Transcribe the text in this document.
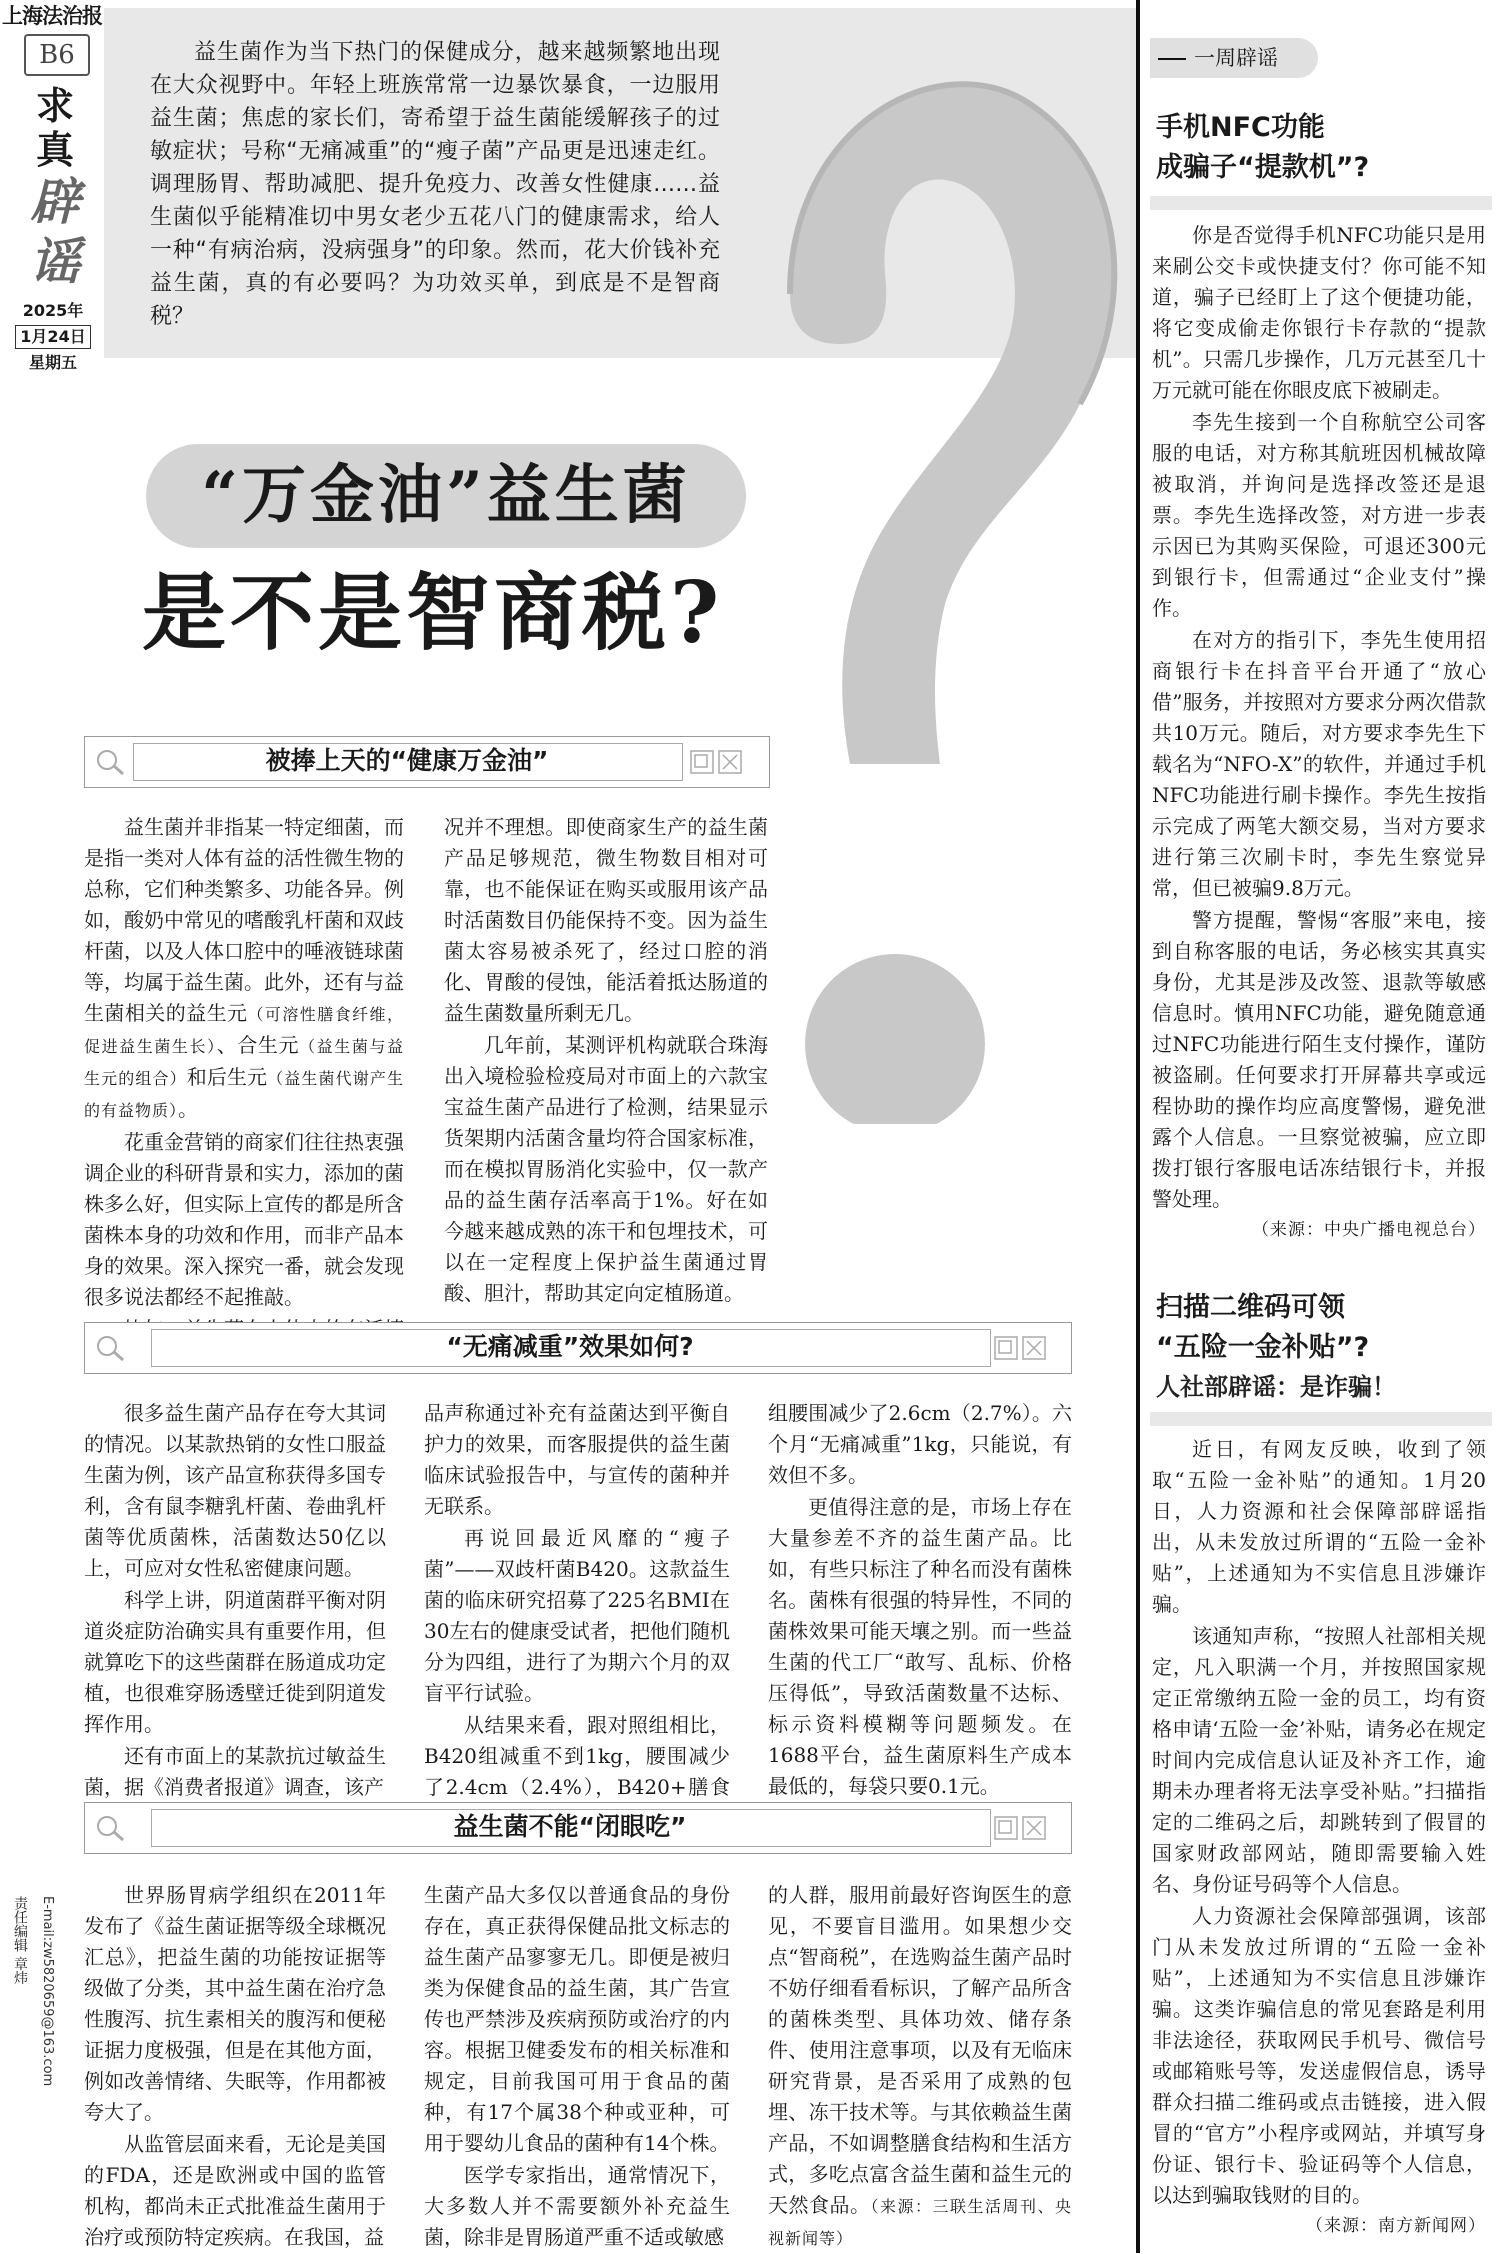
上海法治报
B6
求真
辟谣
2025年
1月24日
星期五
责任编辑 章炜 E-mail:zw5820659@163.com
益生菌作为当下热门的保健成分，越来越频繁地出现在大众视野中。年轻上班族常常一边暴饮暴食，一边服用益生菌；焦虑的家长们，寄希望于益生菌能缓解孩子的过敏症状；号称“无痛减重”的“瘦子菌”产品更是迅速走红。调理肠胃、帮助减肥、提升免疫力、改善女性健康……益生菌似乎能精准切中男女老少五花八门的健康需求，给人一种“有病治病，没病强身”的印象。然而，花大价钱补充益生菌，真的有必要吗？为功效买单，到底是不是智商税？
“万金油”益生菌
是不是智商税?
被捧上天的“健康万金油”

益生菌并非指某一特定细菌，而是指一类对人体有益的活性微生物的总称，它们种类繁多、功能各异。例如，酸奶中常见的嗜酸乳杆菌和双歧杆菌，以及人体口腔中的唾液链球菌等，均属于益生菌。此外，还有与益生菌相关的益生元（可溶性膳食纤维，促进益生菌生长）、合生元（益生菌与益生元的组合）和后生元（益生菌代谢产生的有益物质）。

花重金营销的商家们往往热衷强调企业的科研背景和实力，添加的菌株多么好，但实际上宣传的都是所含菌株本身的功效和作用，而非产品本身的效果。深入探究一番，就会发现很多说法都经不起推敲。

况并不理想。即使商家生产的益生菌产品足够规范，微生物数目相对可靠，也不能保证在购买或服用该产品时活菌数目仍能保持不变。因为益生菌太容易被杀死了，经过口腔的消化、胃酸的侵蚀，能活着抵达肠道的益生菌数量所剩无几。

几年前，某测评机构就联合珠海出入境检验检疫局对市面上的六款宝宝益生菌产品进行了检测，结果显示货架期内活菌含量均符合国家标准，而在模拟胃肠消化实验中，仅一款产品的益生菌存活率高于1%。好在如今越来越成熟的冻干和包埋技术，可以在一定程度上保护益生菌通过胃酸、胆汁，帮助其定向定植肠道。

“无痛减重”效果如何?

很多益生菌产品存在夸大其词的情况。以某款热销的女性口服益生菌为例，该产品宣称获得多国专利，含有鼠李糖乳杆菌、卷曲乳杆菌等优质菌株，活菌数达50亿以上，可应对女性私密健康问题。

科学上讲，阴道菌群平衡对阴道炎症防治确实具有重要作用，但就算吃下的这些菌群在肠道成功定植，也很难穿肠透壁迁徙到阴道发挥作用。

还有市面上的某款抗过敏益生菌，据《消费者报道》调查，该产

品声称通过补充有益菌达到平衡自护力的效果，而客服提供的益生菌临床试验报告中，与宣传的菌种并无联系。

再说回最近风靡的“瘦子菌”——双歧杆菌B420。这款益生菌的临床研究招募了225名BMI在30左右的健康受试者，把他们随机分为四组，进行了为期六个月的双盲平行试验。

从结果来看，跟对照组相比，B420组减重不到1kg，腰围减少了2.4cm（2.4%），B420+膳食

组腰围减少了2.6cm（2.7%）。六个月“无痛减重”1kg，只能说，有效但不多。

更值得注意的是，市场上存在大量参差不齐的益生菌产品。比如，有些只标注了种名而没有菌株名。菌株有很强的特异性，不同的菌株效果可能天壤之别。而一些益生菌的代工厂“敢写、乱标、价格压得低”，导致活菌数量不达标、标示资料模糊等问题频发。在1688平台，益生菌原料生产成本最低的，每袋只要0.1元。

益生菌不能“闭眼吃”

世界肠胃病学组织在2011年发布了《益生菌证据等级全球概况汇总》，把益生菌的功能按证据等级做了分类，其中益生菌在治疗急性腹泻、抗生素相关的腹泻和便秘证据力度极强，但是在其他方面，例如改善情绪、失眠等，作用都被夸大了。

从监管层面来看，无论是美国的FDA，还是欧洲或中国的监管机构，都尚未正式批准益生菌用于治疗或预防特定疾病。在我国，益

生菌产品大多仅以普通食品的身份存在，真正获得保健品批文标志的益生菌产品寥寥无几。即便是被归类为保健食品的益生菌，其广告宣传也严禁涉及疾病预防或治疗的内容。根据卫健委发布的相关标准和规定，目前我国可用于食品的菌种，有17个属38个种或亚种，可用于婴幼儿食品的菌种有14个株。

医学专家指出，通常情况下，大多数人并不需要额外补充益生菌，除非是胃肠道严重不适或敏感

的人群，服用前最好咨询医生的意见，不要盲目滥用。如果想少交点“智商税”，在选购益生菌产品时不妨仔细看看标识，了解产品所含的菌株类型、具体功效、储存条件、使用注意事项，以及有无临床研究背景，是否采用了成熟的包埋、冻干技术等。与其依赖益生菌产品，不如调整膳食结构和生活方式，多吃点富含益生菌和益生元的天然食品。（来源：三联生活周刊、央视新闻等）

一周辟谣
手机NFC功能
成骗子“提款机”?

你是否觉得手机NFC功能只是用来刷公交卡或快捷支付？你可能不知道，骗子已经盯上了这个便捷功能，将它变成偷走你银行卡存款的“提款机”。只需几步操作，几万元甚至几十万元就可能在你眼皮底下被刷走。

李先生接到一个自称航空公司客服的电话，对方称其航班因机械故障被取消，并询问是选择改签还是退票。李先生选择改签，对方进一步表示因已为其购买保险，可退还300元到银行卡，但需通过“企业支付”操作。

在对方的指引下，李先生使用招商银行卡在抖音平台开通了“放心借”服务，并按照对方要求分两次借款共10万元。随后，对方要求李先生下载名为“NFO-X”的软件，并通过手机NFC功能进行刷卡操作。李先生按指示完成了两笔大额交易，当对方要求进行第三次刷卡时，李先生察觉异常，但已被骗9.8万元。

警方提醒，警惕“客服”来电，接到自称客服的电话，务必核实其真实身份，尤其是涉及改签、退款等敏感信息时。慎用NFC功能，避免随意通过NFC功能进行陌生支付操作，谨防被盗刷。任何要求打开屏幕共享或远程协助的操作均应高度警惕，避免泄露个人信息。一旦察觉被骗，应立即拨打银行客服电话冻结银行卡，并报警处理。

（来源：中央广播电视总台）
扫描二维码可领
“五险一金补贴”?
人社部辟谣：是诈骗！

近日，有网友反映，收到了领取“五险一金补贴”的通知。1月20日，人力资源和社会保障部辟谣指出，从未发放过所谓的“五险一金补贴”，上述通知为不实信息且涉嫌诈骗。

该通知声称，“按照人社部相关规定，凡入职满一个月，并按照国家规定正常缴纳五险一金的员工，均有资格申请‘五险一金’补贴，请务必在规定时间内完成信息认证及补齐工作，逾期未办理者将无法享受补贴。”扫描指定的二维码之后，却跳转到了假冒的国家财政部网站，随即需要输入姓名、身份证号码等个人信息。

人力资源社会保障部强调，该部门从未发放过所谓的“五险一金补贴”，上述通知为不实信息且涉嫌诈骗。这类诈骗信息的常见套路是利用非法途径，获取网民手机号、微信号或邮箱账号等，发送虚假信息，诱导群众扫描二维码或点击链接，进入假冒的“官方”小程序或网站，并填写身份证、银行卡、验证码等个人信息，以达到骗取钱财的目的。

（来源：南方新闻网）
